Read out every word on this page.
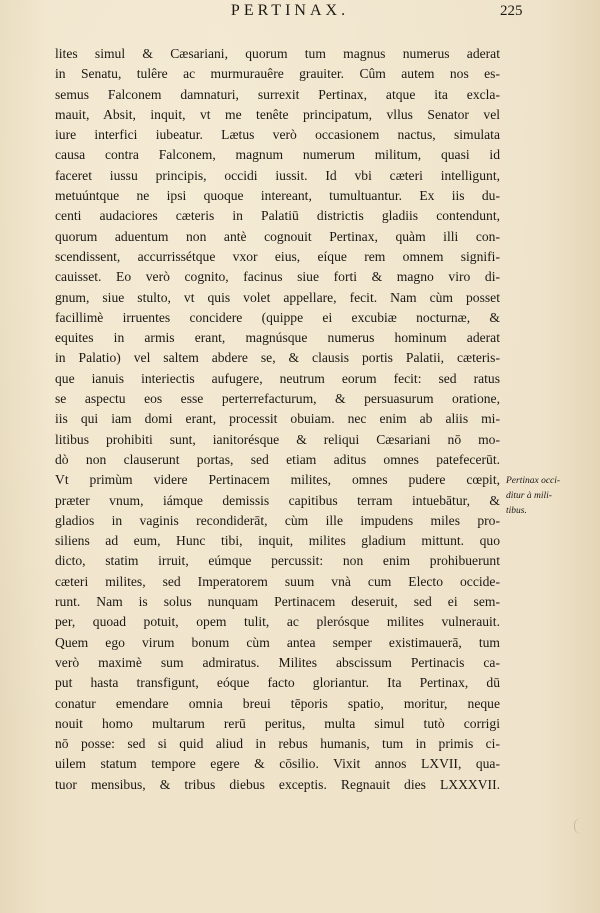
PERTINAX.	225
lites simul & Cæsariani, quorum tum magnus numerus aderat
in Senatu, tulêre ac murmurauêre grauiter. Cûm autem nos es-
semus Falconem damnaturi, surrexit Pertinax, atque ita excla-
mauit, Absit, inquit, vt me tenête principatum, vllus Senator vel
iure interfici iubeatur. Lætus verò occasionem nactus, simulata
causa contra Falconem, magnum numerum militum, quasi id
faceret iussu principis, occidi iussit. Id vbi cæteri intelligunt,
metuúntque ne ipsi quoque intereant, tumultuantur. Ex iis du-
centi audaciores cæteris in Palatiū districtis gladiis contendunt,
quorum aduentum non antè cognouit Pertinax, quàm illi con-
scendissent, accurrissétque vxor eius, eíque rem omnem signifi-
cauisset. Eo verò cognito, facinus siue forti & magno viro di-
gnum, siue stulto, vt quis volet appellare, fecit. Nam cùm posset
facillimè irruentes concidere (quippe ei excubiæ nocturnæ, &
equites in armis erant, magnúsque numerus hominum aderat
in Palatio) vel saltem abdere se, & clausis portis Palatii, cæteris-
que ianuis interiectis aufugere, neutrum eorum fecit: sed ratus
se aspectu eos esse perterrefacturum, & persuasurum oratione,
iis qui iam domi erant, processit obuiam. nec enim ab aliis mi-
litibus prohibiti sunt, ianitorésque & reliqui Cæsariani nō mo-
dò non clauserunt portas, sed etiam aditus omnes patefecerūt.
Vt primùm videre Pertinacem milites, omnes pudere cœpit,
præter vnum, iámque demissis capitibus terram intuebātur, &
gladios in vaginis recondiderāt, cùm ille impudens miles pro-
siliens ad eum, Hunc tibi, inquit, milites gladium mittunt. quo
dicto, statim irruit, eúmque percussit: non enim prohibuerunt
cæteri milites, sed Imperatorem suum vnà cum Electo occide-
runt. Nam is solus nunquam Pertinacem deseruit, sed ei sem-
per, quoad potuit, opem tulit, ac plerósque milites vulnerauit.
Quem ego virum bonum cùm antea semper existimauerā, tum
verò maximè sum admiratus. Milites abscissum Pertinacis ca-
put hasta transfigunt, eóque facto gloriantur. Ita Pertinax, dū
conatur emendare omnia breui tēporis spatio, moritur, neque
nouit homo multarum rerū peritus, multa simul tutò corrigi
nō posse: sed si quid aliud in rebus humanis, tum in primis ci-
uilem statum tempore egere & cōsilio. Vixit annos LXVII, qua-
tuor mensibus, & tribus diebus exceptis. Regnauit dies LXXXVII.
Pertinax occi-
ditur à mili-
tibus.
